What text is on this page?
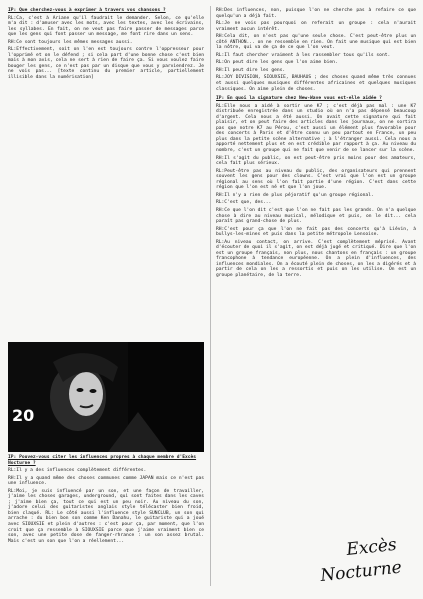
IP: Que cherchez-vous à exprimer à travers vos chansons ?
RL:Ca, c'est à Ariane qu'il faudrait le demander. Selon, ce qu'elle m'a dit : d'amuser avec les mots, avec les textes, avec les écrivains, les syllabes. En fait, on ne veut pas faire passer de messages parce que les gens qui font passer un message, me font rire dans un sens.
RH:Ce sont toujours les mêmes messages aussi.
RL:Effectivement, soit on l'en est toujours contre l'oppresseur pour l'opprimé et on le défend ; si cela part d'une bonne chose c'est bien mais à mon avis, cela ne sert à rien de faire ça. Si vous voulez faire bouger les gens, ce n'est pas par un disque que vous y parviendrez. Je ne vois pas... [texte continu du premier article, partiellement illisible dans la numérisation]
20
IP: Pouvez-vous citer les influences propres à chaque membre d'Excès Nocturne ?
RL:Il y a des influences complètement différentes.
RH:Il y a quand même des choses communes comme JAPAN mais ce n'est pas une influence.
RL:Moi, je suis influencé par un son, et une façon de travailler, j'aime les choses garages, underground, qui sont faites dans les caves ; j'aime bien ça, tout ce qui est un peu noir. Au niveau du son, j'adore celui des guitaristes anglais style télécaster bien froid, bien claqué. RL: Le côté aussi l'influence style SUNCLUB, un son qui arrache : du bien bon son comme Ken Danahu, le guitariste qui a joué avec SIOUXSIE et plein d'autres : c'est pour ça, par moment, que l'on croit que ça ressemble à SIOUXSIE parce que j'aime vraiment bien ce son, avec une petite dose de fanger-rhrance : un son assez brutal. Mais c'est un son que l'on a réellement...
RH:Des influences, non, puisque l'on ne cherche pas à refaire ce que quelqu'un a déjà fait.
RL:Je ne vois pas pourquoi on referait un groupe : cela n'aurait vraiment aucun intérêt.
RH:Cela dit, on n'est pas qu'une seule chose. C'est peut-être plus un côté ANTHON... on ne ressemble en rien. On fait une musique qui est bien la nôtre, qui va de ça de ce que l'on veut.
RL:Il faut chercher vraiment à les rassembler tous qu'ils sont.
RL:On peut dire les gens que l'on aime bien.
RH:Il peut dire les gens.
RL:JOY DIVISION, SIOUXSIE, BAUHAUS ; des choses quand même très connues et aussi quelques musiques différentes africaines et quelques musiques classiques. On aime plein de choses.
IP: En quoi la signature chez New-Wave vous est-elle aidée ?
RL:Elle nous a aidé à sortir une K7 ; c'est déjà pas mal : une K7 distribuée enregistrée dans un studio où on n'a pas dépensé beaucoup d'argent. Cela nous a été aussi. On avait cette signature qui fait plaisir, et on peut faire des articles dans les journaux, on ne sortira pas que notre K7 au Pérou, c'est aussi un élément plus favorable pour des concerts à Paris et d'être connu un peu partout en France, un peu plus dans la petite scène alternative ; à l'étranger aussi. Cela nous a apporté nettement plus et en est crédible par rapport à ça. Au niveau du nombre, c'est un groupe qui ne fait que venir de se lancer sur la scène.
RH:Il s'agit du public, on est peut-être pris moins pour des amateurs, cela fait plus sérieux.
RL:Peut-être pas au niveau du public, des organisateurs qui prennent souvent les gens pour des clowns. C'est vrai que l'on est un groupe régional au sens où l'on fait partie d'une région. C'est dans cette région que l'on est né et que l'on joue.
RH:Il n'y a rien de plus péjoratif qu'un groupe régional.
RL:C'est que, des...
RH:Ce que l'on dit c'est que l'on ne fait pas les grands. On n'a quelque chose à dire au niveau musical, mélodique et puis, on le dit... cela paraît pas grand-chose de plus.
RH:C'est pour ça que l'on ne fait pas des concerts qu'à Liévin, à bullys-les-mines et puis dans la petite métropole Lensoise.
RL:Au niveau contact, on arrive. C'est complètement méprisé. Avant d'écouter de quoi il s'agit, on est déjà jugé et critiqué. Dire que l'on est un groupe français, non plus, nous chantons en français : un groupe francophone à tendance européenne. On a plein d'influences, des influences mondiales. On a écouté plein de choses, on les a digérés et à partir de cela on les a ressortis et puis on les utilise. On est un groupe planétaire, de la terre.
Excès
Nocturne
